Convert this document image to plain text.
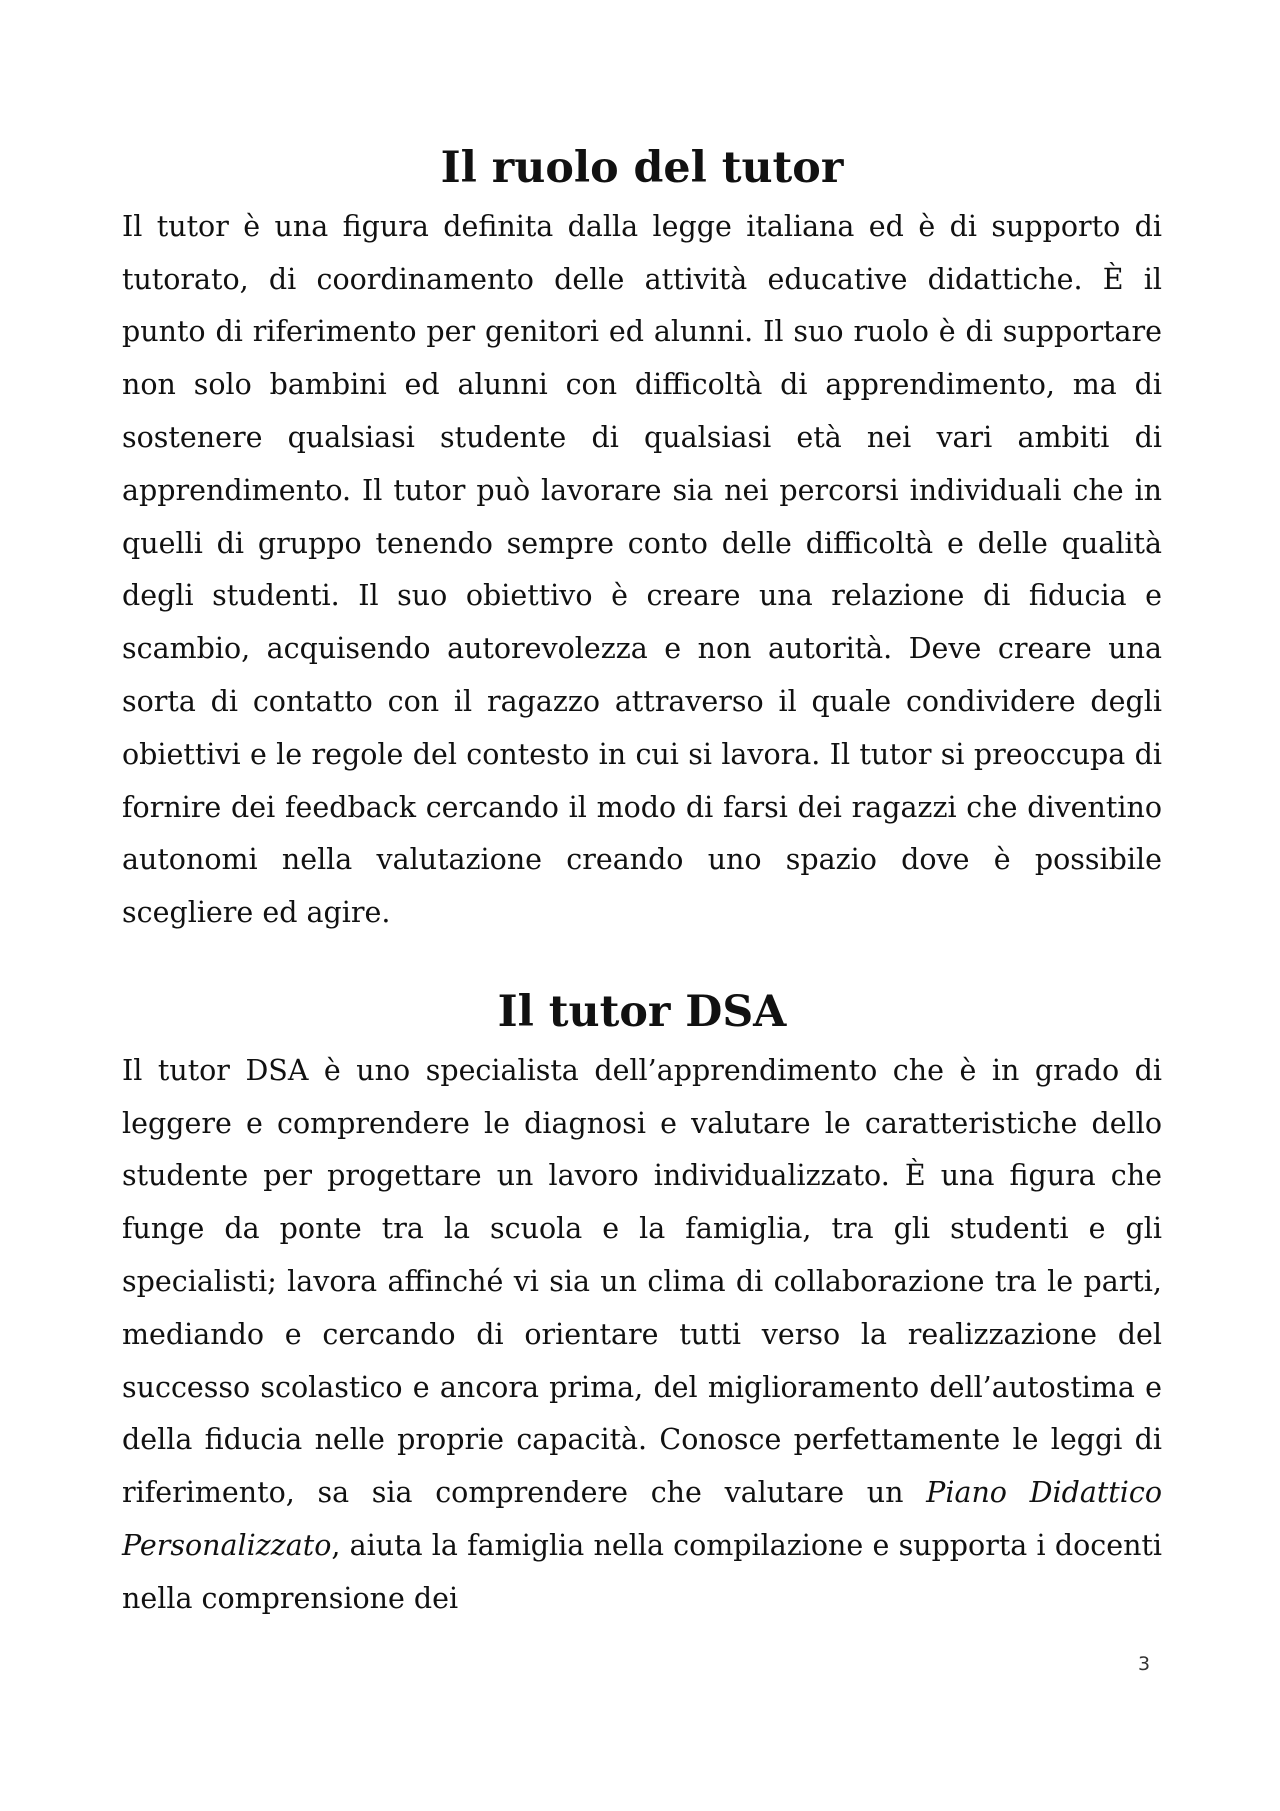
Il ruolo del tutor

Il tutor è una figura definita dalla legge italiana ed è di supporto di tutorato, di coordinamento delle attività educative didattiche. È il punto di riferimento per genitori ed alunni. Il suo ruolo è di supportare non solo bambini ed alunni con difficoltà di apprendimento, ma di sostenere qualsiasi studente di qualsiasi età nei vari ambiti di apprendimento. Il tutor può lavorare sia nei percorsi individuali che in quelli di gruppo tenendo sempre conto delle difficoltà e delle qualità degli studenti. Il suo obiettivo è creare una relazione di fiducia e scambio, acquisendo autorevolezza e non autorità. Deve creare una sorta di contatto con il ragazzo attraverso il quale condividere degli obiettivi e le regole del contesto in cui si lavora. Il tutor si preoccupa di fornire dei feedback cercando il modo di farsi dei ragazzi che diventino autonomi nella valutazione creando uno spazio dove è possibile scegliere ed agire.

Il tutor DSA

Il tutor DSA è uno specialista dell’apprendimento che è in grado di leggere e comprendere le diagnosi e valutare le caratteristiche dello studente per progettare un lavoro individualizzato. È una figura che funge da ponte tra la scuola e la famiglia, tra gli studenti e gli specialisti; lavora affinché vi sia un clima di collaborazione tra le parti, mediando e cercando di orientare tutti verso la realizzazione del successo scolastico e ancora prima, del miglioramento dell’autostima e della fiducia nelle proprie capacità. Conosce perfettamente le leggi di riferimento, sa sia comprendere che valutare un Piano Didattico Personalizzato, aiuta la famiglia nella compilazione e supporta i docenti nella comprensione dei

3
